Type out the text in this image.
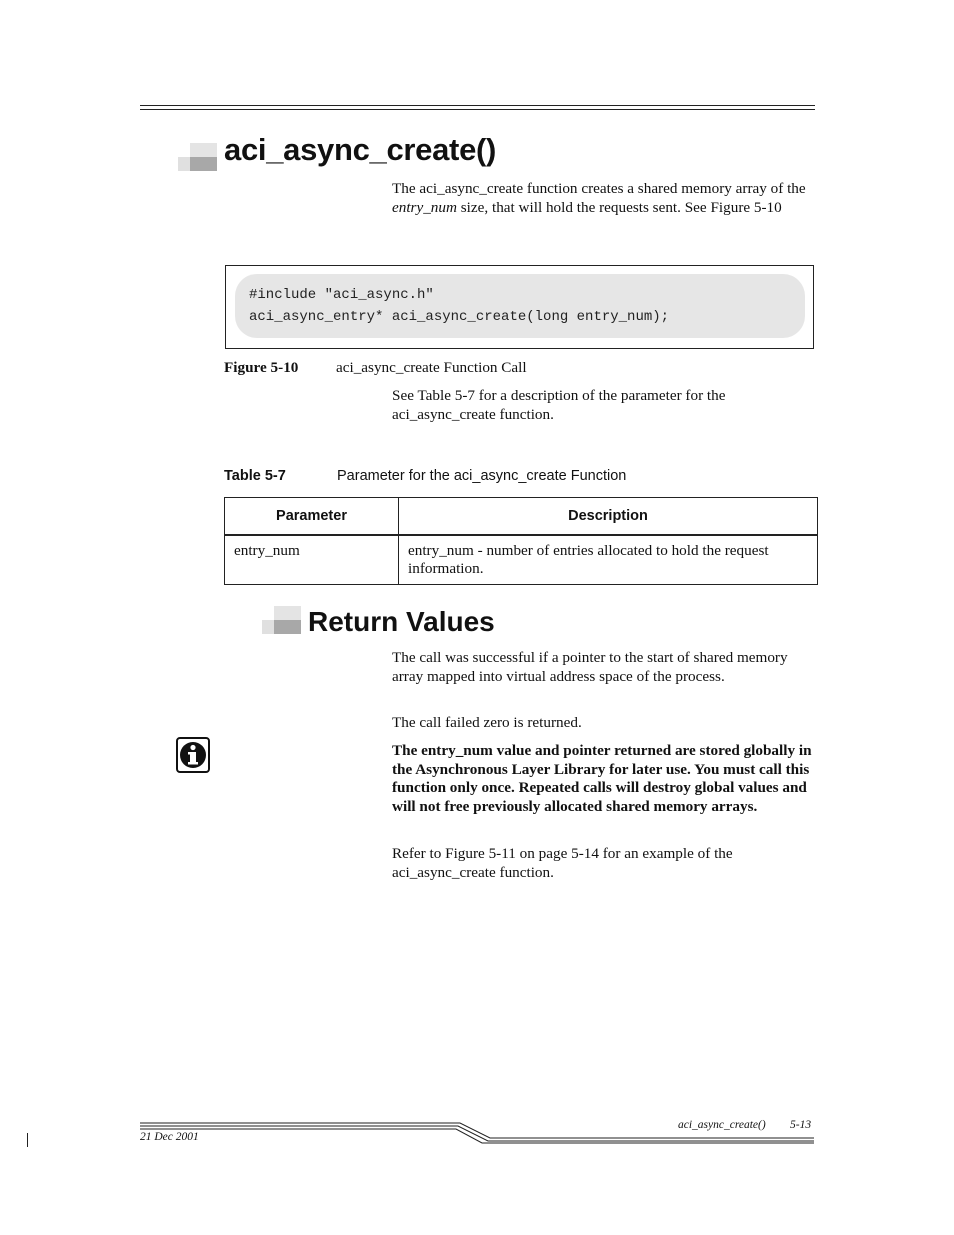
aci_async_create()
The aci_async_create function creates a shared memory array of the entry_num size, that will hold the requests sent. See Figure 5-10
#include "aci_async.h"
aci_async_entry* aci_async_create(long entry_num);
Figure 5-10 aci_async_create Function Call
See Table 5-7 for a description of the parameter for the aci_async_create function.
Table 5-7	Parameter for the aci_async_create Function
Parameter	Description
entry_num	entry_num - number of entries allocated to hold the request information.
Return Values
The call was successful if a pointer to the start of shared memory array mapped into virtual address space of the process.
The call failed zero is returned.
The entry_num value and pointer returned are stored globally in the Asynchronous Layer Library for later use. You must call this function only once. Repeated calls will destroy global values and will not free previously allocated shared memory arrays.
Refer to Figure 5-11 on page 5-14 for an example of the aci_async_create function.
aci_async_create() 5-13
21 Dec 2001
